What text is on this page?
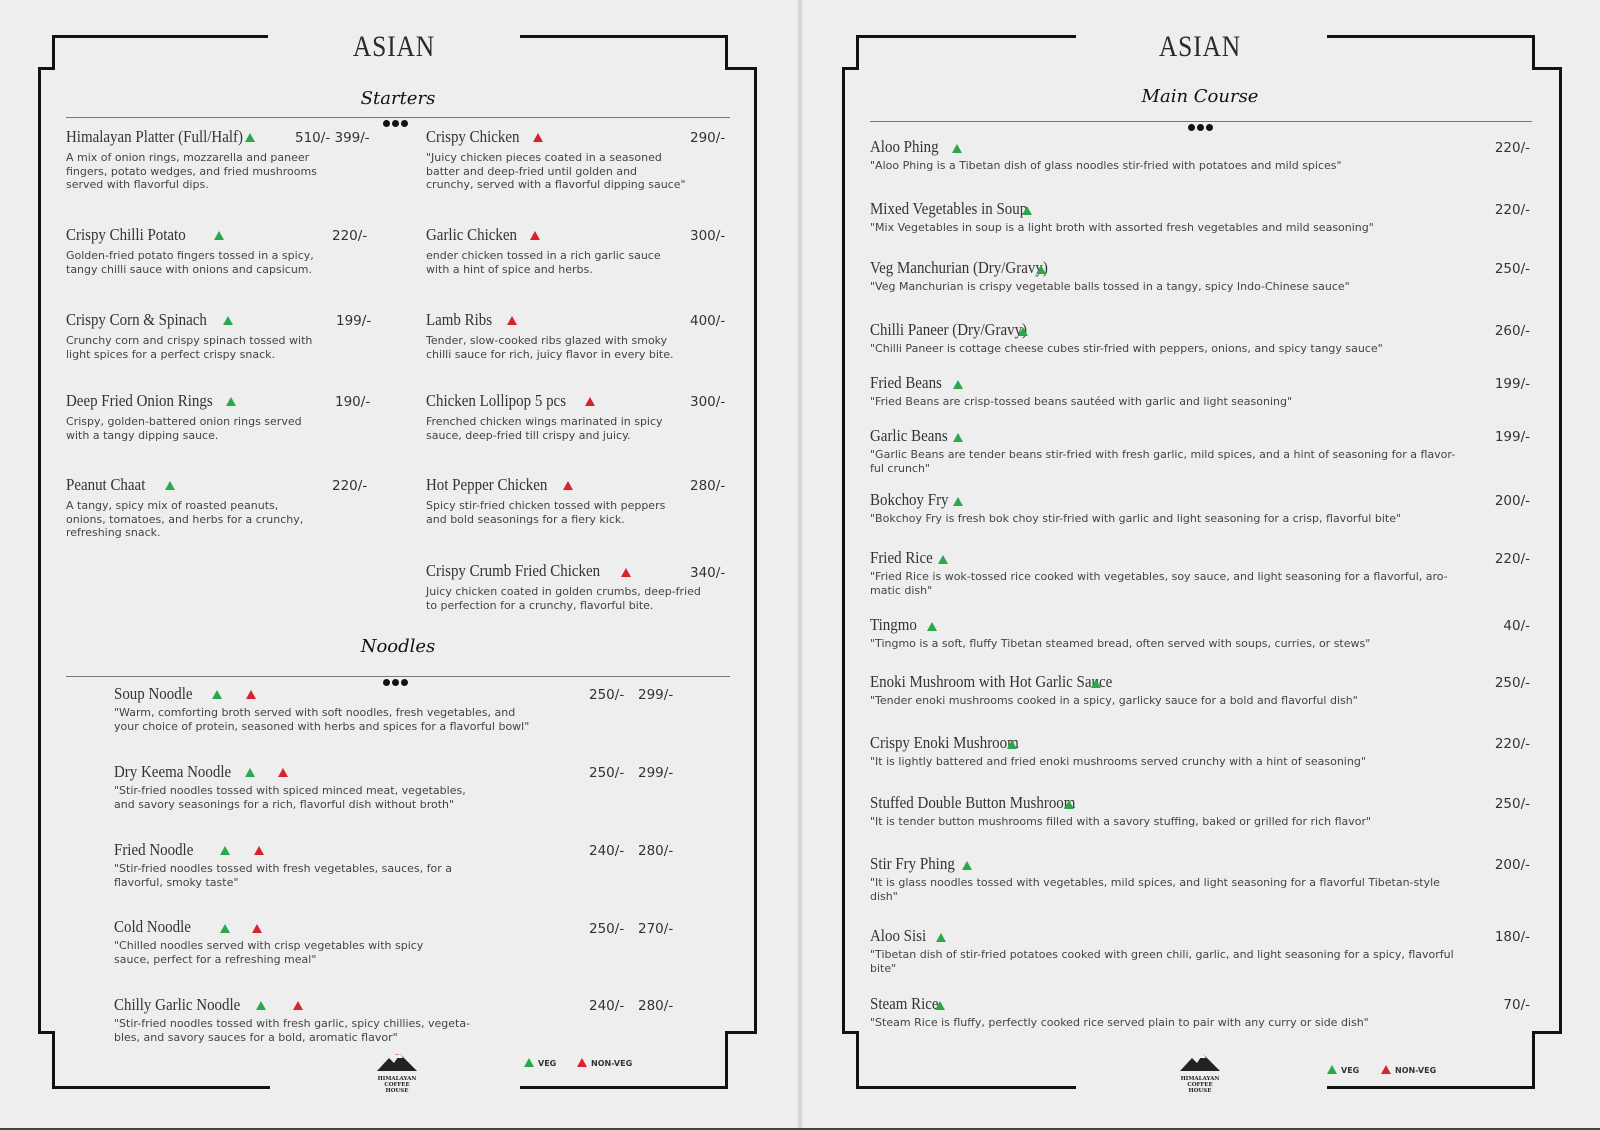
ASIAN
Starters
Himalayan Platter (Full/Half)
A mix of onion rings, mozzarella and paneer fingers, potato wedges, and fried mushrooms served with flavorful dips.
510/- 399/-
Crispy Chilli Potato
Golden-fried potato fingers tossed in a spicy, tangy chilli sauce with onions and capsicum.
220/-
Crispy Corn & Spinach
Crunchy corn and crispy spinach tossed with light spices for a perfect crispy snack.
199/-
Deep Fried Onion Rings
Crispy, golden-battered onion rings served with a tangy dipping sauce.
190/-
Peanut Chaat
A tangy, spicy mix of roasted peanuts, onions, tomatoes, and herbs for a crunchy, refreshing snack.
220/-
Crispy Chicken
"Juicy chicken pieces coated in a seasoned batter and deep-fried until golden and crunchy, served with a flavorful dipping sauce"
290/-
Garlic Chicken
ender chicken tossed in a rich garlic sauce with a hint of spice and herbs.
300/-
Lamb Ribs
Tender, slow-cooked ribs glazed with smoky chilli sauce for rich, juicy flavor in every bite.
400/-
Chicken Lollipop 5 pcs
Frenched chicken wings marinated in spicy sauce, deep-fried till crispy and juicy.
300/-
Hot Pepper Chicken
Spicy stir-fried chicken tossed with peppers and bold seasonings for a fiery kick.
280/-
Crispy Crumb Fried Chicken
Juicy chicken coated in golden crumbs, deep-fried to perfection for a crunchy, flavorful bite.
340/-
Noodles
Soup Noodle
"Warm, comforting broth served with soft noodles, fresh vegetables, and your choice of protein, seasoned with herbs and spices for a flavorful bowl"
250/- 299/-
Dry Keema Noodle
"Stir-fried noodles tossed with spiced minced meat, vegetables, and savory seasonings for a rich, flavorful dish without broth"
250/- 299/-
Fried Noodle
"Stir-fried noodles tossed with fresh vegetables, sauces, for a flavorful, smoky taste"
240/- 280/-
Cold Noodle
"Chilled noodles served with crisp vegetables with spicy sauce, perfect for a refreshing meal"
250/- 270/-
Chilly Garlic Noodle
"Stir-fried noodles tossed with fresh garlic, spicy chillies, vegeta-bles, and savory sauces for a bold, aromatic flavor"
240/- 280/-
~
HIMALAYAN
COFFEE HOUSE
VEG	NON-VEG
ASIAN
Main Course
Aloo Phing
"Aloo Phing is a Tibetan dish of glass noodles stir-fried with potatoes and mild spices"
Mixed Vegetables in Soup
"Mix Vegetables in soup is a light broth with assorted fresh vegetables and mild seasoning"
Veg Manchurian (Dry/Gravy)
"Veg Manchurian is crispy vegetable balls tossed in a tangy, spicy Indo-Chinese sauce"
Chilli Paneer (Dry/Gravy)
"Chilli Paneer is cottage cheese cubes stir-fried with peppers, onions, and spicy tangy sauce"
Fried Beans
"Fried Beans are crisp-tossed beans sautéed with garlic and light seasoning"
Garlic Beans
"Garlic Beans are tender beans stir-fried with fresh garlic, mild spices, and a hint of seasoning for a flavor-ful crunch"
Bokchoy Fry
"Bokchoy Fry is fresh bok choy stir-fried with garlic and light seasoning for a crisp, flavorful bite"
Fried Rice
"Fried Rice is wok-tossed rice cooked with vegetables, soy sauce, and light seasoning for a flavorful, aro-matic dish"
Tingmo
"Tingmo is a soft, fluffy Tibetan steamed bread, often served with soups, curries, or stews"
Enoki Mushroom with Hot Garlic Sauce
"Tender enoki mushrooms cooked in a spicy, garlicky sauce for a bold and flavorful dish"
Crispy Enoki Mushroom
"It is lightly battered and fried enoki mushrooms served crunchy with a hint of seasoning"
Stuffed Double Button Mushroom
"It is tender button mushrooms filled with a savory stuffing, baked or grilled for rich flavor"
Stir Fry Phing
"It is glass noodles tossed with vegetables, mild spices, and light seasoning for a flavorful Tibetan-style dish"
Aloo Sisi
"Tibetan dish of stir-fried potatoes cooked with green chili, garlic, and light seasoning for a spicy, flavorful bite"
Steam Rice
"Steam Rice is fluffy, perfectly cooked rice served plain to pair with any curry or side dish"
HIMALAYAN
COFFEE HOUSE
VEG	NON-VEG
220/-
220/-
250/-
260/-
199/-
199/-
200/-
220/-
40/-
250/-
220/-
250/-
200/-
180/-
70/-
